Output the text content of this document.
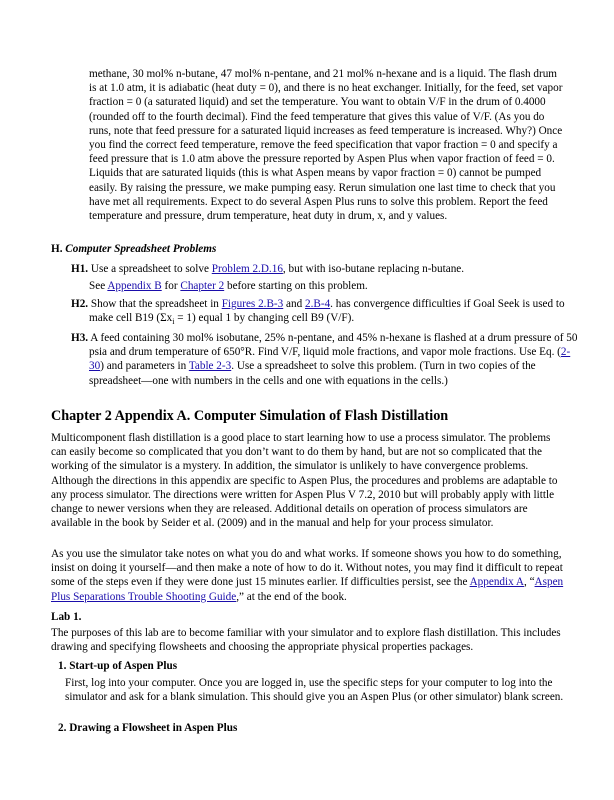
methane, 30 mol% n-butane, 47 mol% n-pentane, and 21 mol% n-hexane and is a liquid. The flash drum is at 1.0 atm, it is adiabatic (heat duty = 0), and there is no heat exchanger. Initially, for the feed, set vapor fraction = 0 (a saturated liquid) and set the temperature. You want to obtain V/F in the drum of 0.4000 (rounded off to the fourth decimal). Find the feed temperature that gives this value of V/F. (As you do runs, note that feed pressure for a saturated liquid increases as feed temperature is increased. Why?) Once you find the correct feed temperature, remove the feed specification that vapor fraction = 0 and specify a feed pressure that is 1.0 atm above the pressure reported by Aspen Plus when vapor fraction of feed = 0. Liquids that are saturated liquids (this is what Aspen means by vapor fraction = 0) cannot be pumped easily. By raising the pressure, we make pumping easy. Rerun simulation one last time to check that you have met all requirements. Expect to do several Aspen Plus runs to solve this problem. Report the feed temperature and pressure, drum temperature, heat duty in drum, x, and y values.

H. Computer Spreadsheet Problems

H1. Use a spreadsheet to solve Problem 2.D.16, but with iso-butane replacing n-butane.

See Appendix B for Chapter 2 before starting on this problem.

H2. Show that the spreadsheet in Figures 2.B-3 and 2.B-4. has convergence difficulties if Goal Seek is used to make cell B19 $(\Sigma x_i = 1)$ equal 1 by changing cell B9 (V/F).
H3. A feed containing 30 mol% isobutane, 25% n-pentane, and 45% n-hexane is flashed at a drum pressure of 50 psia and drum temperature of 650°R. Find V/F, liquid mole fractions, and vapor mole fractions. Use Eq. (2-30) and parameters in Table 2-3. Use a spreadsheet to solve this problem. (Turn in two copies of the spreadsheet—one with numbers in the cells and one with equations in the cells.)
Chapter 2 Appendix A. Computer Simulation of Flash Distillation

Multicomponent flash distillation is a good place to start learning how to use a process simulator. The problems can easily become so complicated that you don’t want to do them by hand, but are not so complicated that the working of the simulator is a mystery. In addition, the simulator is unlikely to have convergence problems. Although the directions in this appendix are specific to Aspen Plus, the procedures and problems are adaptable to any process simulator. The directions were written for Aspen Plus V 7.2, 2010 but will probably apply with little change to newer versions when they are released. Additional details on operation of process simulators are available in the book by Seider et al. (2009) and in the manual and help for your process simulator.

As you use the simulator take notes on what you do and what works. If someone shows you how to do something, insist on doing it yourself—and then make a note of how to do it. Without notes, you may find it difficult to repeat some of the steps even if they were done just 15 minutes earlier. If difficulties persist, see the Appendix A, “Aspen Plus Separations Trouble Shooting Guide,” at the end of the book.

Lab 1.

The purposes of this lab are to become familiar with your simulator and to explore flash distillation. This includes drawing and specifying flowsheets and choosing the appropriate physical properties packages.

1. Start-up of Aspen Plus

First, log into your computer. Once you are logged in, use the specific steps for your computer to log into the simulator and ask for a blank simulation. This should give you an Aspen Plus (or other simulator) blank screen.

2. Drawing a Flowsheet in Aspen Plus
